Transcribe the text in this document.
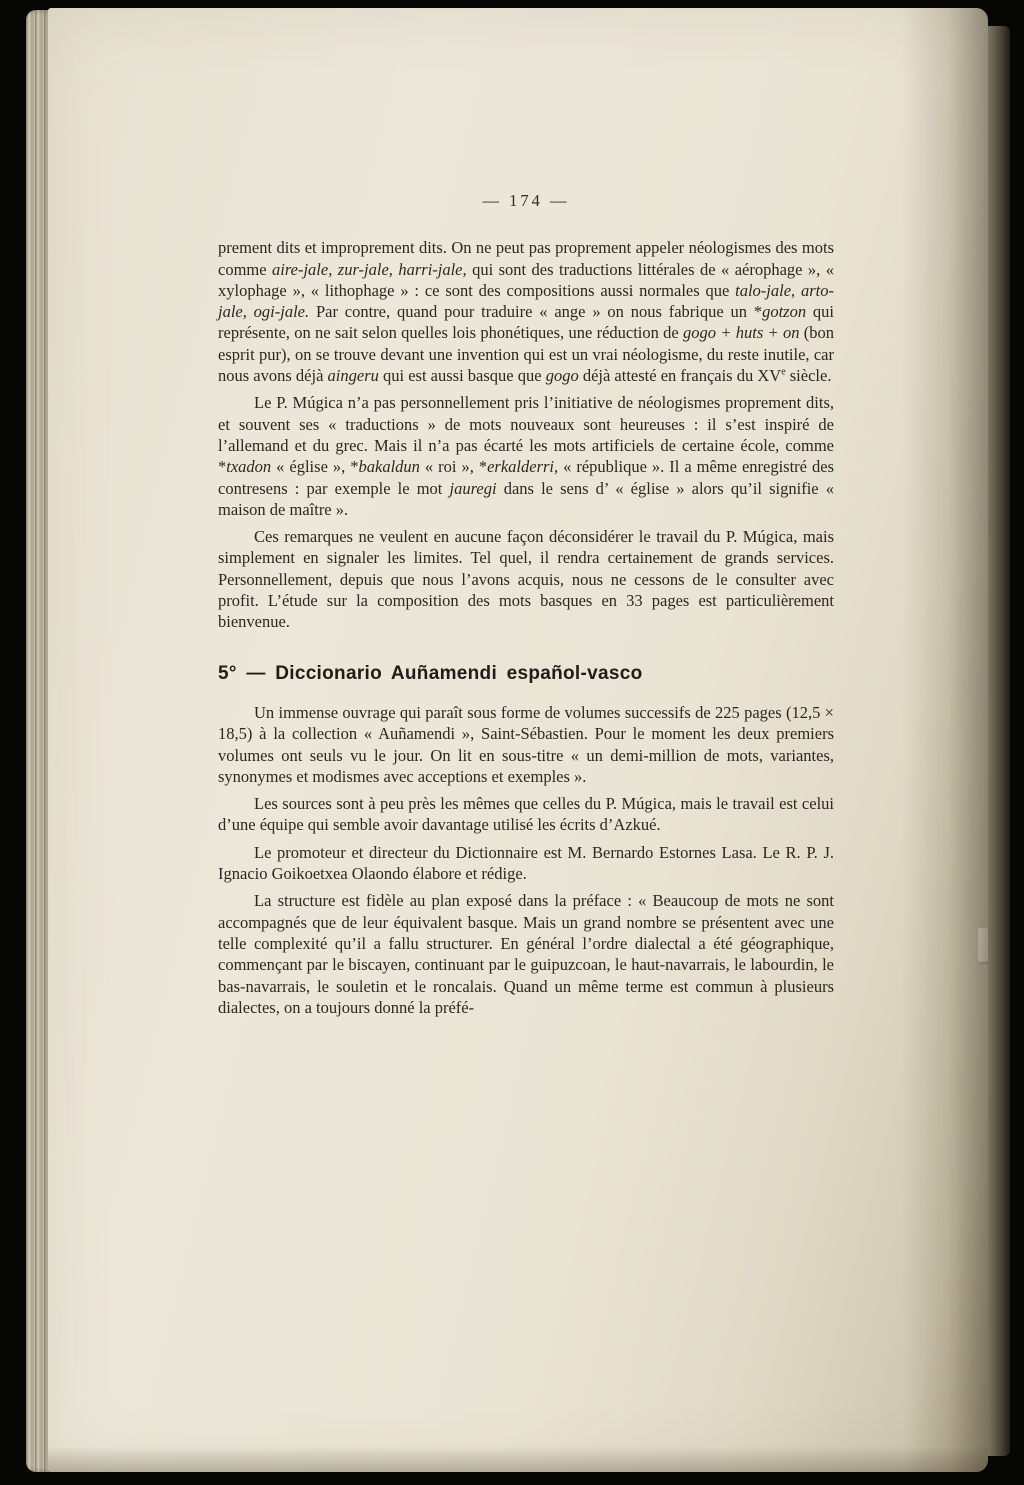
— 174 —

prement dits et improprement dits. On ne peut pas proprement appeler néologismes des mots comme aire-jale, zur-jale, harri-jale, qui sont des traductions littérales de « aérophage », « xylophage », « lithophage » : ce sont des compositions aussi normales que talo-jale, arto-jale, ogi-jale. Par contre, quand pour traduire « ange » on nous fabrique un *gotzon qui représente, on ne sait selon quelles lois phonétiques, une réduction de gogo + huts + on (bon esprit pur), on se trouve devant une invention qui est un vrai néologisme, du reste inutile, car nous avons déjà aingeru qui est aussi basque que gogo déjà attesté en français du XVe siècle.

Le P. Múgica n’a pas personnellement pris l’initiative de néologismes proprement dits, et souvent ses « traductions » de mots nouveaux sont heureuses : il s’est inspiré de l’allemand et du grec. Mais il n’a pas écarté les mots artificiels de certaine école, comme *txadon « église », *bakaldun « roi », *erkalderri, « république ». Il a même enregistré des contresens : par exemple le mot jauregi dans le sens d’ « église » alors qu’il signifie « maison de maître ».

Ces remarques ne veulent en aucune façon déconsidérer le travail du P. Múgica, mais simplement en signaler les limites. Tel quel, il rendra certainement de grands services. Personnellement, depuis que nous l’avons acquis, nous ne cessons de le consulter avec profit. L’étude sur la composition des mots basques en 33 pages est particulièrement bienvenue.

5° — Diccionario Auñamendi español-vasco

Un immense ouvrage qui paraît sous forme de volumes successifs de 225 pages (12,5 × 18,5) à la collection « Auñamendi », Saint-Sébastien. Pour le moment les deux premiers volumes ont seuls vu le jour. On lit en sous-titre « un demi-million de mots, variantes, synonymes et modismes avec acceptions et exemples ».

Les sources sont à peu près les mêmes que celles du P. Múgica, mais le travail est celui d’une équipe qui semble avoir davantage utilisé les écrits d’Azkué.

Le promoteur et directeur du Dictionnaire est M. Bernardo Estornes Lasa. Le R. P. J. Ignacio Goikoetxea Olaondo élabore et rédige.

La structure est fidèle au plan exposé dans la préface : « Beaucoup de mots ne sont accompagnés que de leur équivalent basque. Mais un grand nombre se présentent avec une telle complexité qu’il a fallu structurer. En général l’ordre dialectal a été géographique, commençant par le biscayen, continuant par le guipuzcoan, le haut-navarrais, le labourdin, le bas-navarrais, le souletin et le roncalais. Quand un même terme est commun à plusieurs dialectes, on a toujours donné la préfé-
